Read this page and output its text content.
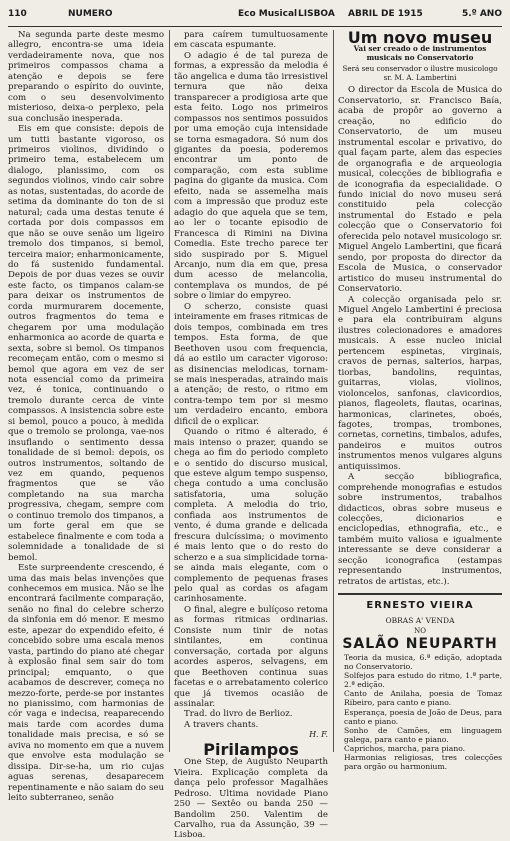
110	NUMERO	Eco Musical LISBOA ABRIL DE 1915	5.º ANO

Na segunda parte deste mesmo allegro, encontra-se uma ideia verdadeiramente nova, que nos primeiros compassos chama a atenção e depois se fere preparando o espírito do ouvinte, com o seu desenvolvimento misterioso, deixa-o perplexo, pela sua conclusão inesperada.

Eis em que consiste: depois de um tutti bastante vigoroso, os primeiros violinos, dividindo o primeiro tema, estabelecem um dialogo, planissimo, com os segundos violinos, vindo cair sobre as notas, sustentadas, do acorde de setima da dominante do ton de si natural; cada uma destas tenute é cortada por dois compassos em que não se ouve senão um ligeiro tremolo dos timpanos, si bemol, terceira maior; enharmonicamente, do fá sustenido fundamental. Depois de por duas vezes se ouvir este facto, os timpanos calam-se para deixar os instrumentos de corda murmurarem docemente, outros fragmentos do tema e chegarem por uma modulação enharmonica ao acorde de quarta e sexta, sobre si bemol. Os timpanos recomeçam então, com o mesmo si bemol que agora em vez de ser nota essencial como da primeira vez, é tonica, continuando o tremolo durante cerca de vinte compassos. A insistencia sobre este si bemol, pouco a pouco, à medida que o tremolo se prolonga, vae-nos insuflando o sentimento dessa tonalidade de si bemol: depois, os outros instrumentos, soltando de vez em quando, pequenos fragmentos que se vão completando na sua marcha progressiva, chegam, sempre com o continuo tremolo dos timpanos, a um forte geral em que se estabelece finalmente e com toda a solemnidade a tonalidade de si bemol.

Este surpreendente crescendo, é uma das mais belas invenções que conhecemos em musica. Não se lhe encontrará facilmente comparação, senão no final do celebre scherzo da sinfonia em dó menor. E mesmo este, apezar do expendido efeito, é concebido sobre uma escala menos vasta, partindo do piano até chegar à explosão final sem sair do tom principal; emquanto, o que acabamos de descrever, começa no mezzo-forte, perde-se por instantes no pianissimo, com harmonias de cór vaga e indecisa, reaparecendo mais tarde com acordes duma tonalidade mais precisa, e só se aviva no momento em que a nuvem que envolve esta modulação se dissipa. Dir-se-ha, um rio cujas aguas serenas, desaparecem repentinamente e não saiam do seu leito subterraneo, senão

para caírem tumultuosamente em cascata espumante.

O adagio é de tal pureza de formas, a expressão da melodia é tão angelica e duma tão irresistivel ternura que não deixa transparecer a prodigiosa arte que esta feito. Logo nos primeiros compassos nos sentimos possuidos por uma emoção cuja intensidade se torna esmagadora. Só num dos gigantes da poesia, poderemos encontrar um ponto de comparação, com esta sublime pagina do gigante da musica. Com efeito, nada se assemelha mais com a impressão que produz este adagio do que aquela que se tem, ao ler o tocante episodio de Francesca di Rimini na Divina Comedia. Este trecho parece ter sido suspirado por S. Miguel Arcanjo, num dia em que, presa dum acesso de melancolia, contemplava os mundos, de pé sobre o limiar do empyreo.

O scherzo, consiste quasi inteiramente em frases ritmicas de dois tempos, combinada em tres tempos. Esta forma, de que Beethoven usou com frequencia, dá ao estilo um caracter vigoroso: as disinencias melodicas, tornam-se mais inesperadas, atraindo mais a atenção; de resto, o ritmo em contra-tempo tem por si mesmo um verdadeiro encanto, embora dificil de o explicar.

Quando o ritmo é alterado, é mais intenso o prazer, quando se chega ao fim do periodo completo e o sentido do discurso musical, que esteve algum tempo suspenso, chega contudo a uma conclusão satisfatoria, uma solução completa. A melodia do trio, confiada aos instrumentos de vento, é duma grande e delicada frescura dulcíssima; o movimento é mais lento que o do resto do scherzo e a sua simplicidade torna-se ainda mais elegante, com o complemento de pequenas frases pelo qual as cordas os afagam carinhosamente.

O final, alegre e bulíçoso retoma as formas ritmicas ordinarias. Consiste num tinir de notas sintilantes, em continua conversação, cortada por alguns acordes asperos, selvagens, em que Beethoven continua suas facetas e o arrebatamento colerico que já tivemos ocasião de assinalar.

Trad. do livro de Berlioz.

A travers chants.

H. F.
Pirilampos

One Step, de Augusto Neuparth Vieira. Explicação completa da dança pelo professor Magalhães Pedroso. Ultima novidade Piano 250 — Sextêo ou banda 250 — Bandolim 250. Valentim de Carvalho, rua da Assunção, 39 — Lisboa.

Um novo museu
Vai ser creado o de instrumentos musicais no Conservatorio
Será seu conservador o ilustre musicologo sr. M. A. Lambertini

O director da Escola de Musica do Conservatorio, sr. Francisco Baía, acaba de propôr ao governo a creação, no edificio do Conservatorio, de um museu instrumental escolar e privativo, do qual façam parte, alem das especies de organografia e de arqueologia musical, colecções de bibliografia e de iconografia da especialidade. O fundo inicial do novo museu será constituido pela colecção instrumental do Estado e pela colecção que o Conservatorio foi oferecida pelo notavel musicologo sr. Miguel Angelo Lambertini, que ficará sendo, por proposta do director da Escola de Musica, o conservador artistico do museu instrumental do Conservatorio.

A colecção organisada pelo sr. Miguel Angelo Lambertini é preciosa e para ela contribuiram alguns ilustres colecionadores e amadores musicais. A esse nucleo inicial pertencem espinetas, virginais, cravos de pernas, salterios, harpas, tiorbas, bandolins, requintas, guitarras, violas, violinos, violoncelos, sanfonas, clavicordios, pianos, flageolets, flautas, ocarinas, harmonicas, clarinetes, oboés, fagotes, trompas, trombones, cornetas, cornetins, timbalos, adufes, pandeiros e muitos outros instrumentos menos vulgares alguns antiquissimos.

A secção bibliografica, comprehende monografias e estudos sobre instrumentos, trabalhos didacticos, obras sobre museus e colecções, dicionarios e enciclopedias, ethnografia, etc., e também muito valiosa e igualmente interessante se deve considerar a secção iconografica (estampas representando instrumentos, retratos de artistas, etc.).

ERNESTO VIEIRA
OBRAS A' VENDA
NO
SALÃO NEUPARTH

Teoria da musica, 6.ª edição, adoptada no Conservatorio.

Solfejos para estudo do ritmo, 1.ª parte, 2.ª edição.

Canto de Anilaha, poesia de Tomaz Ribeiro, para canto e piano.

Esperança, poesia de João de Deus, para canto e piano.

Sonho de Camões, em linguagem galega, para canto e piano.

Caprichos, marcha, para piano.

Harmonias religiosas, tres colecções para orgão ou harmonium.
